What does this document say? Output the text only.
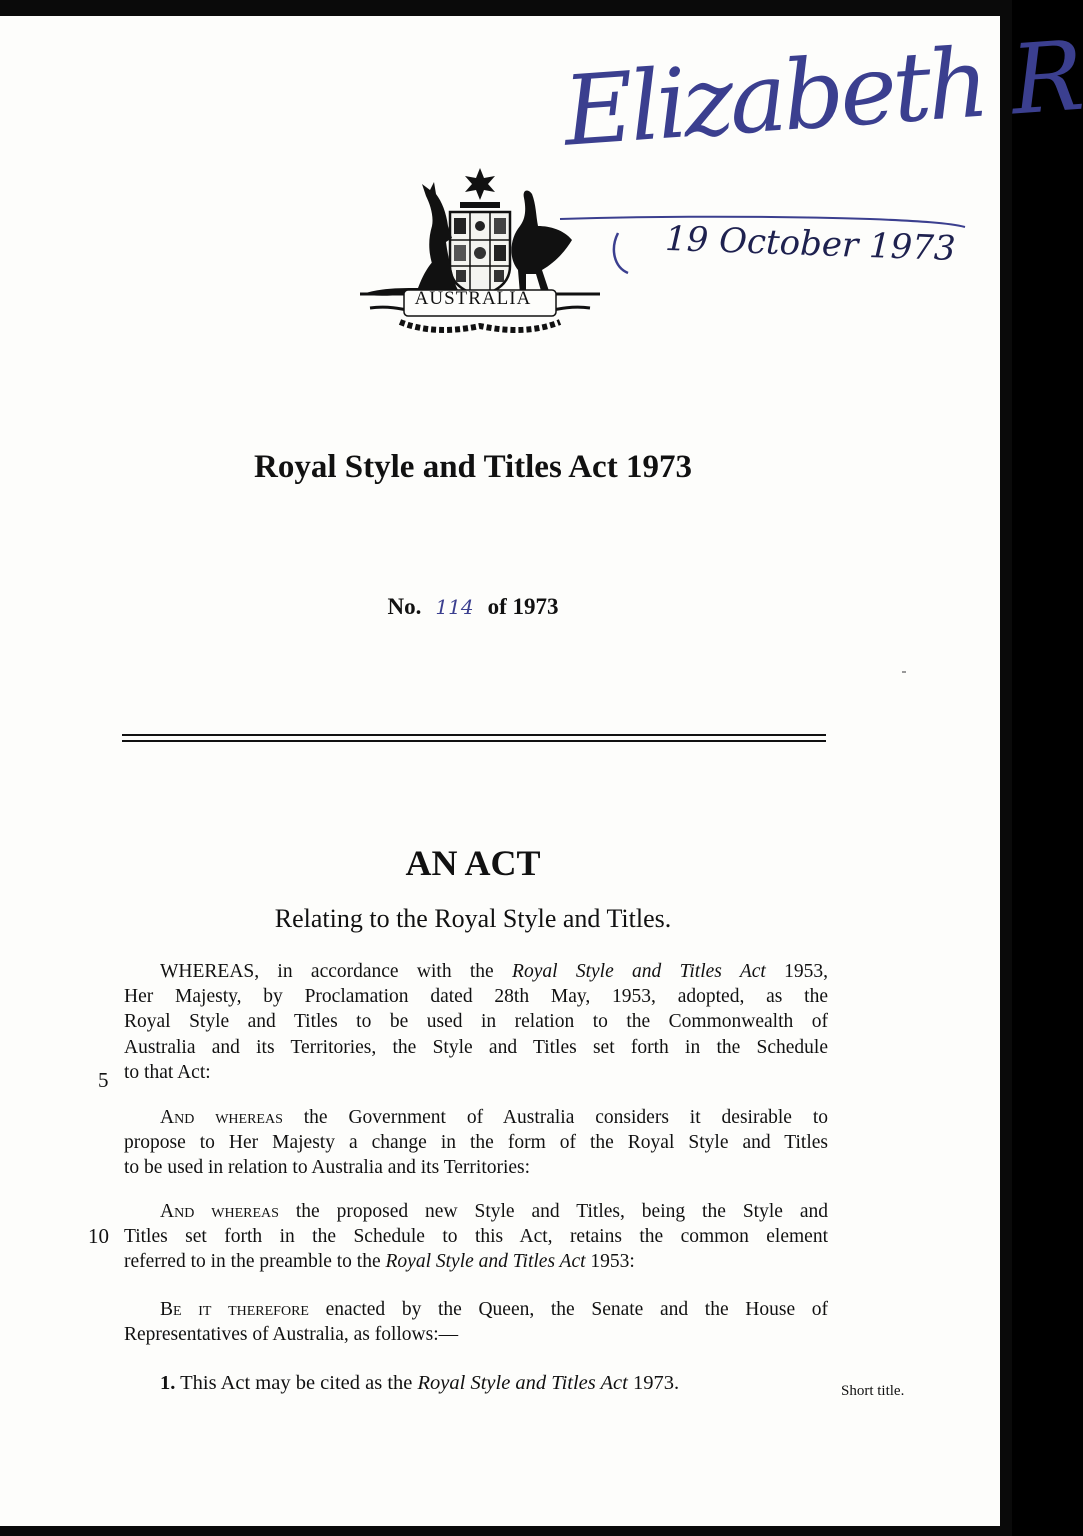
AUSTRALIA
Elizabeth R
19 October 1973
Royal Style and Titles Act 1973
No. 114 of 1973
AN ACT
Relating to the Royal Style and Titles.
WHEREAS, in accordance with the Royal Style and Titles Act 1953,
Her Majesty, by Proclamation dated 28th May, 1953, adopted, as the
Royal Style and Titles to be used in relation to the Commonwealth of
Australia and its Territories, the Style and Titles set forth in the Schedule
to that Act:
5
And whereas the Government of Australia considers it desirable to
propose to Her Majesty a change in the form of the Royal Style and Titles
to be used in relation to Australia and its Territories:
And whereas the proposed new Style and Titles, being the Style and
Titles set forth in the Schedule to this Act, retains the common element
referred to in the preamble to the Royal Style and Titles Act 1953:
10
Be it therefore enacted by the Queen, the Senate and the House of
Representatives of Australia, as follows:—
1. This Act may be cited as the Royal Style and Titles Act 1973.	Short title.
